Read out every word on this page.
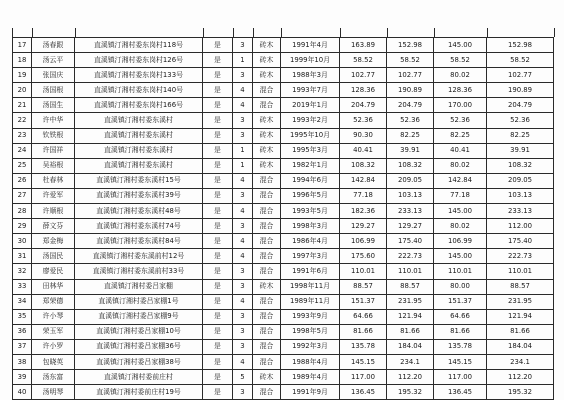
17	汤春跟	直溪镇汀湘村委东岗村118号	是	3	砖木	1991年4月	163.89	152.98	145.00	152.98
18	汤云平	直溪镇汀湘村委东岗村126号	是	1	砖木	1999年10月	58.52	58.52	58.52	58.52
19	张国庆	直溪镇汀湘村委东岗村133号	是	3	砖木	1988年3月	102.77	102.77	80.02	102.77
20	汤国根	直溪镇汀湘村委东岗村140号	是	4	混合	1993年7月	128.36	190.89	128.36	190.89
21	汤国生	直溪镇汀湘村委东岗村166号	是	4	混合	2019年1月	204.79	204.79	170.00	204.79
22	许中华	直溪镇汀湘村委东溪村	是	3	砖木	1993年2月	52.36	52.36	52.36	52.36
23	钦铁根	直溪镇汀湘村委东溪村	是	3	砖木	1995年10月	90.30	82.25	82.25	82.25
24	许国祥	直溪镇汀湘村委东溪村	是	1	砖木	1995年3月	40.41	39.91	40.41	39.91
25	吴裕根	直溪镇汀湘村委东溪村	是	1	砖木	1982年1月	108.32	108.32	80.02	108.32
26	杜春林	直溪镇汀湘村委东溪村15号	是	4	混合	1994年6月	142.84	209.05	142.84	209.05
27	许爱军	直溪镇汀湘村委东溪村39号	是	3	混合	1996年5月	77.18	103.13	77.18	103.13
28	许顺根	直溪镇汀湘村委东溪村48号	是	4	混合	1993年5月	182.36	233.13	145.00	233.13
29	薛文芬	直溪镇汀湘村委东溪村74号	是	3	混合	1998年3月	129.27	129.27	80.02	112.00
30	郑金梅	直溪镇汀湘村委东溪村84号	是	4	混合	1986年4月	106.99	175.40	106.99	175.40
31	汤国民	直溪镇汀湘村委东溪前村12号	是	4	混合	1997年3月	175.60	222.73	145.00	222.73
32	廖爱民	直溪镇汀湘村委东溪前村33号	是	3	混合	1991年6月	110.01	110.01	110.01	110.01
33	田林华	直溪镇汀湘村委吕家棚	是	3	砖木	1998年11月	88.57	88.57	80.00	88.57
34	郑荣德	直溪镇汀湘村委吕家棚1号	是	4	混合	1989年11月	151.37	231.95	151.37	231.95
35	许小琴	直溪镇汀湘村委吕家棚9号	是	3	混合	1993年9月	64.66	121.94	64.66	121.94
36	荣玉军	直溪镇汀湘村委吕家棚10号	是	3	混合	1998年5月	81.66	81.66	81.66	81.66
37	许小罗	直溪镇汀湘村委吕家棚36号	是	3	混合	1992年3月	135.78	184.04	135.78	184.04
38	包晓英	直溪镇汀湘村委吕家棚38号	是	4	混合	1988年4月	145.15	234.1	145.15	234.1
39	汤东富	直溪镇汀湘村委前庄村	是	5	砖木	1989年4月	117.00	112.20	117.00	112.20
40	汤明琴	直溪镇汀湘村委前庄村19号	是	3	混合	1991年9月	136.45	195.32	136.45	195.32
